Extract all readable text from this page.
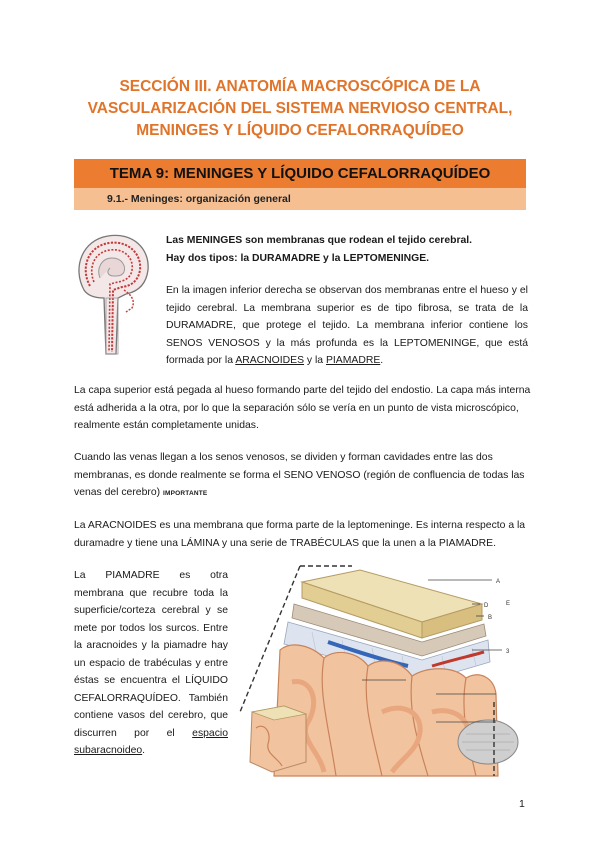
SECCIÓN III. ANATOMÍA MACROSCÓPICA DE LA
VASCULARIZACIÓN DEL SISTEMA NERVIOSO CENTRAL,
MENINGES Y LÍQUIDO CEFALORRAQUÍDEO
TEMA 9: MENINGES Y LÍQUIDO CEFALORRAQUÍDEO
9.1.- Meninges: organización general
Las MENINGES son membranas que rodean el tejido cerebral.
Hay dos tipos: la DURAMADRE y la LEPTOMENINGE.
En la imagen inferior derecha se observan dos membranas entre el hueso y el tejido cerebral. La membrana superior es de tipo fibrosa, se trata de la DURAMADRE, que protege el tejido. La membrana inferior contiene los SENOS VENOSOS y la más profunda es la LEPTOMENINGE, que está formada por la ARACNOIDES y la PIAMADRE.
La capa superior está pegada al hueso formando parte del tejido del endostio. La capa más interna está adherida a la otra, por lo que la separación sólo se vería en un punto de vista microscópico, realmente están completamente unidas.
Cuando las venas llegan a los senos venosos, se dividen y forman cavidades entre las dos membranas, es donde realmente se forma el SENO VENOSO (región de confluencia de todas las venas del cerebro) IMPORTANTE
La ARACNOIDES es una membrana que forma parte de la leptomeninge. Es interna respecto a la duramadre y tiene una LÁMINA y una serie de TRABÉCULAS que la unen a la PIAMADRE.
La PIAMADRE es otra membrana que recubre toda la superficie/corteza cerebral y se mete por todos los surcos. Entre la aracnoides y la piamadre hay un espacio de trabéculas y entre éstas se encuentra el LÍQUIDO CEFALORRAQUÍDEO. También contiene vasos del cerebro, que discurren por el espacio subaracnoideo.
A
D	E
B
3
1
